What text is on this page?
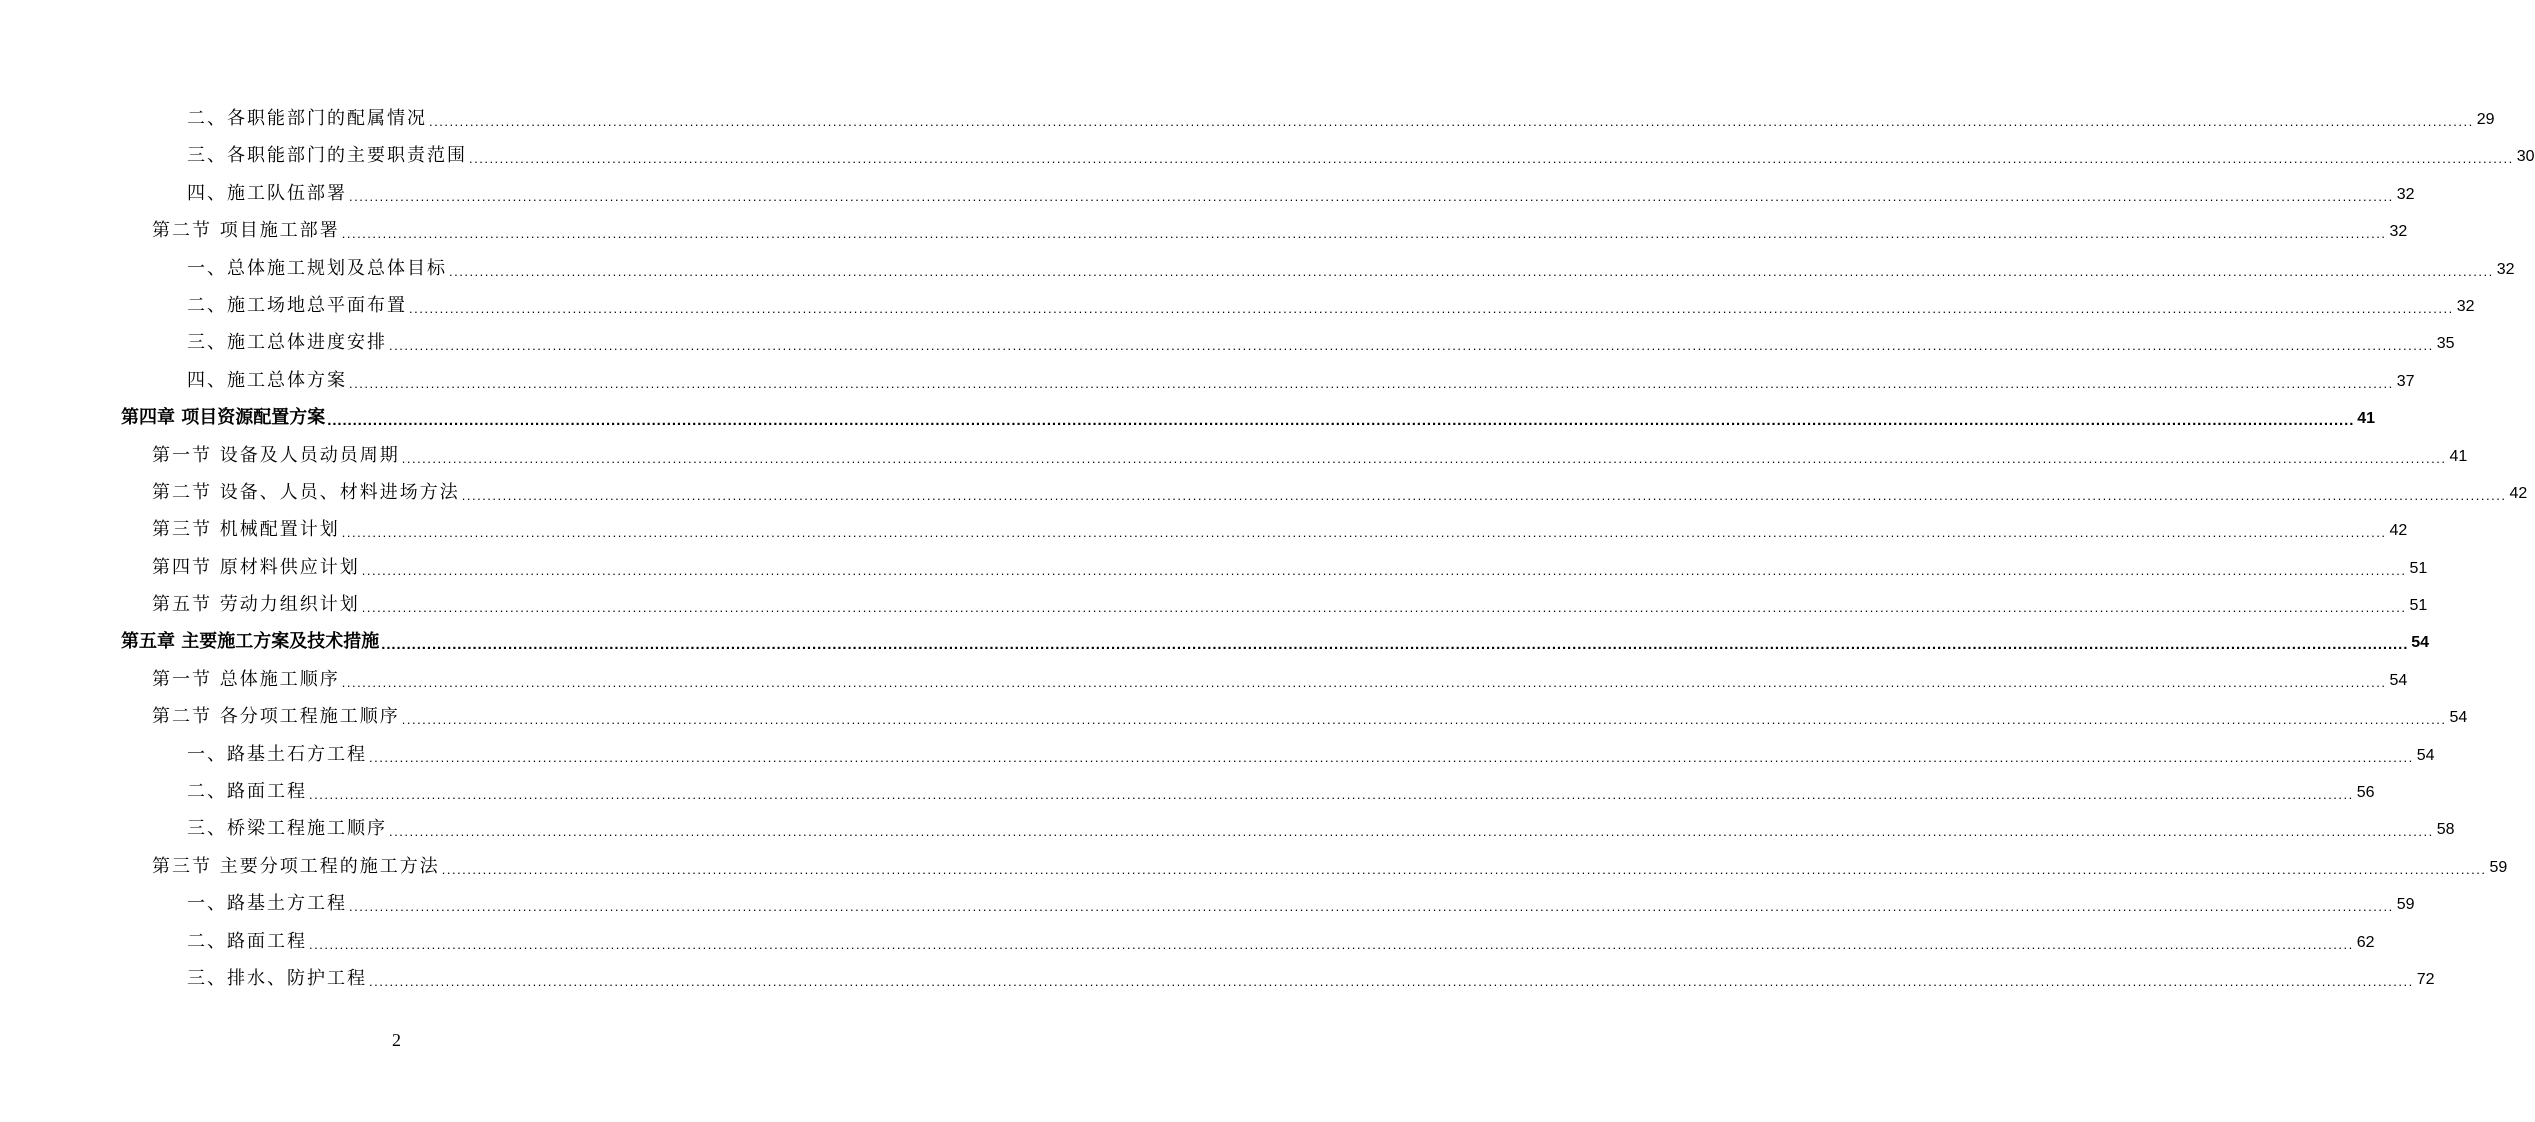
二、各职能部门的配属情况 ................................................................................................................................................................................................................................................................................................................................................................................................................ 29
三、各职能部门的主要职责范围 ................................................................................................................................................................................................................................................................................................................................................................................................................ 30
四、施工队伍部署 ................................................................................................................................................................................................................................................................................................................................................................................................................ 32
第二节 项目施工部署 ................................................................................................................................................................................................................................................................................................................................................................................................................ 32
一、总体施工规划及总体目标 ................................................................................................................................................................................................................................................................................................................................................................................................................ 32
二、施工场地总平面布置 ................................................................................................................................................................................................................................................................................................................................................................................................................ 32
三、施工总体进度安排 ................................................................................................................................................................................................................................................................................................................................................................................................................ 35
四、施工总体方案 ................................................................................................................................................................................................................................................................................................................................................................................................................ 37
第四章 项目资源配置方案 ................................................................................................................................................................................................................................................................................................................................................................................................................ 41
第一节 设备及人员动员周期 ................................................................................................................................................................................................................................................................................................................................................................................................................ 41
第二节 设备、人员、材料进场方法 ................................................................................................................................................................................................................................................................................................................................................................................................................ 42
第三节 机械配置计划 ................................................................................................................................................................................................................................................................................................................................................................................................................ 42
第四节 原材料供应计划 ................................................................................................................................................................................................................................................................................................................................................................................................................ 51
第五节 劳动力组织计划 ................................................................................................................................................................................................................................................................................................................................................................................................................ 51
第五章 主要施工方案及技术措施 ................................................................................................................................................................................................................................................................................................................................................................................................................ 54
第一节 总体施工顺序 ................................................................................................................................................................................................................................................................................................................................................................................................................ 54
第二节 各分项工程施工顺序 ................................................................................................................................................................................................................................................................................................................................................................................................................ 54
一、路基土石方工程 ................................................................................................................................................................................................................................................................................................................................................................................................................ 54
二、路面工程 ................................................................................................................................................................................................................................................................................................................................................................................................................ 56
三、桥梁工程施工顺序 ................................................................................................................................................................................................................................................................................................................................................................................................................ 58
第三节 主要分项工程的施工方法 ................................................................................................................................................................................................................................................................................................................................................................................................................ 59
一、路基土方工程 ................................................................................................................................................................................................................................................................................................................................................................................................................ 59
二、路面工程 ................................................................................................................................................................................................................................................................................................................................................................................................................ 62
三、排水、防护工程 ................................................................................................................................................................................................................................................................................................................................................................................................................ 72
2
